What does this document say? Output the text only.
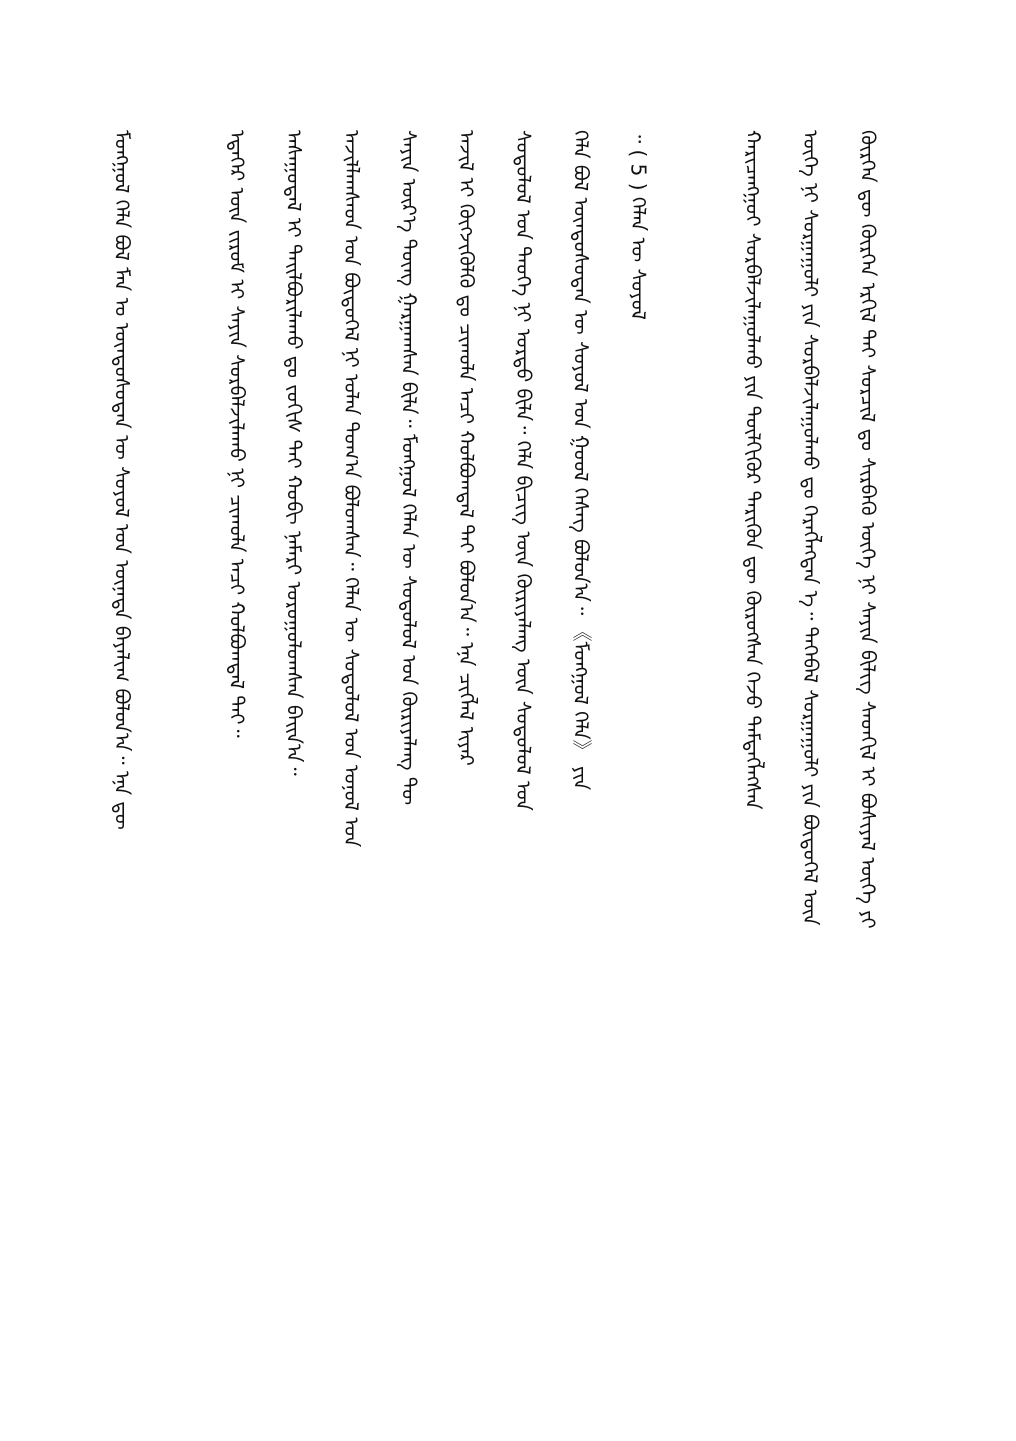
ᠬᠦᠷᠭᠡᠨ ᠳᠦ ᠬᠦᠷᠭᠡᠨ ᠡᠷᠭᠢᠯ ᠲᠠᠢ ᠰᠤᠷᠴᠢᠯ ᠳᠤ ᠰᠢᠷᠪᠡᠬᠦ ᠦᠭᠡ ᠨᠢ ᠰᠠᠶᠢᠨ ᠪᠢᠯᠢᠭ ᠰᠡᠳᠬᠢᠯ ᠢ ᠪᠤᠰᠢᠶᠠᠯ ᠦᠭᠡ ᠶᠢ
ᠦᠭᠡ ᠨᠢ ᠰᠤᠷᠭᠠᠭᠤᠯᠢ ᠶᠢᠨ ᠰᠤᠷᠪᠠᠯᠵᠢᠯᠠᠭᠤᠯᠬᠤ ᠳᠤ ᠬᠡᠷᠡᠭᠯᠡᠭᠳᠡᠨ ᠡ᠃ ᠲᠡᠭᠡᠪᠡᠯ ᠰᠤᠷᠭᠠᠭᠤᠯᠢ ᠶᠢᠨ ᠪᠦᠲᠦᠭᠡᠯ ᠦᠨ
ᠬᠠᠷᠢᠴᠠᠩᠭᠤᠢ ᠰᠤᠷᠪᠠᠯᠵᠢᠯᠠᠭᠤᠯᠬᠤ ᠶᠢᠨ ᠲᠦᠯᠬᠢᠭᠦᠷ ᠲᠡᠷᠢᠭᠦᠨ ᠳᠦ ᠬᠦᠷᠦᠭᠰᠡᠨ ᠭᠡᠵᠦ ᠲᠡᠮᠳᠡᠭᠯᠡᠭᠰᠡᠨ
᠃ ( 5 ) ᠬᠡᠯᠡᠨ ᠦ ᠰᠣᠶᠤᠯ
ᠬᠡᠯᠡ ᠪᠣᠯ ᠦᠨᠳᠦᠰᠦᠲᠡᠨ ᠦ ᠰᠣᠶᠤᠯ ᠤᠨ ᠭᠣᠣᠯ ᠬᠡᠰᠡᠭ ᠪᠣᠯᠤᠨ᠎ᠠ᠃ 《ᠮᠣᠩᠭᠣᠯ ᠬᠡᠯᠡ》 ᠶᠢᠨ
ᠰᠤᠳᠤᠯᠤᠯ ᠤᠨ ᠲᠡᠦᠬᠡ ᠨᠢ ᠤᠷᠲᠤ ᠪᠢᠯᠡ᠃ ᠬᠡᠯᠡ ᠪᠢᠴᠢᠭ ᠦᠨ ᠬᠦᠷᠢᠶᠡᠯᠡᠩ ᠦᠨ ᠰᠤᠳᠤᠯᠤᠯ ᠤᠨ
ᠠᠵᠢᠯ ᠢ ᠬᠦᠭᠵᠢᠭᠦᠯᠬᠦ ᠳᠤ ᠴᠢᠬᠤᠯᠠ ᠠᠴᠢ ᠬᠣᠯᠪᠤᠭᠳᠠᠯ ᠲᠠᠢ ᠪᠣᠯᠤᠨ᠎ᠠ᠃ ᠡᠨᠡ ᠴᠢᠭᠯᠡᠯ ᠢᠶᠡᠷ
ᠰᠠᠶᠢᠨ ᠦᠷ᠎ᠡ ᠳᠦᠩ ᠭᠠᠷᠭᠠᠭᠰᠠᠨ ᠪᠢᠯᠡ᠃ ᠮᠣᠩᠭᠣᠯ ᠬᠡᠯᠡᠨ ᠦ ᠰᠤᠳᠤᠯᠤᠯ ᠤᠨ ᠬᠦᠷᠢᠶᠡᠯᠡᠩ ᠲᠦ
ᠠᠵᠢᠯᠯᠠᠭᠰᠠᠳ ᠤᠨ ᠪᠦᠲᠦᠭᠡᠯ ᠨᠢ ᠣᠯᠠᠨ ᠲᠣᠭ᠎ᠠ ᠪᠣᠯᠤᠭᠰᠠᠨ᠃ ᠬᠡᠯᠡᠨ ᠦ ᠰᠤᠳᠤᠯᠤᠯ ᠤᠨ ᠣᠨᠣᠯ ᠤᠨ
ᠠᠰᠠᠭᠤᠳᠠᠯ ᠢ ᠲᠠᠢᠯᠪᠤᠷᠢᠯᠠᠬᠤ ᠳᠤ ᠵᠣᠬᠢᠰ ᠲᠠᠢ ᠬᠤᠪᠢ ᠨᠡᠮᠡᠷᠢ ᠣᠷᠤᠭᠤᠯᠤᠭᠰᠠᠨ ᠪᠠᠢᠨ᠎ᠠ᠃
ᠡᠳᠡᠭᠡᠷ ᠦᠨ ᠵᠢᠷᠤᠮ ᠢ ᠰᠠᠶᠢᠨ ᠰᠤᠷᠪᠠᠯᠵᠢᠯᠠᠬᠤ ᠨᠢ ᠴᠢᠬᠤᠯᠠ ᠠᠴᠢ ᠬᠣᠯᠪᠤᠭᠳᠠᠯ ᠲᠠᠢ᠃
ᠮᠣᠩᠭᠣᠯ ᠬᠡᠯᠡ ᠪᠣᠯ ᠮᠠᠨ ᠤ ᠦᠨᠳᠦᠰᠦᠲᠡᠨ ᠦ ᠰᠣᠶᠤᠯ ᠤᠨ ᠦᠨᠡᠲᠡ ᠪᠠᠶᠠᠯᠢᠭ ᠪᠣᠯᠤᠨ᠎ᠠ᠃ ᠡᠨᠡ ᠳᠦ
